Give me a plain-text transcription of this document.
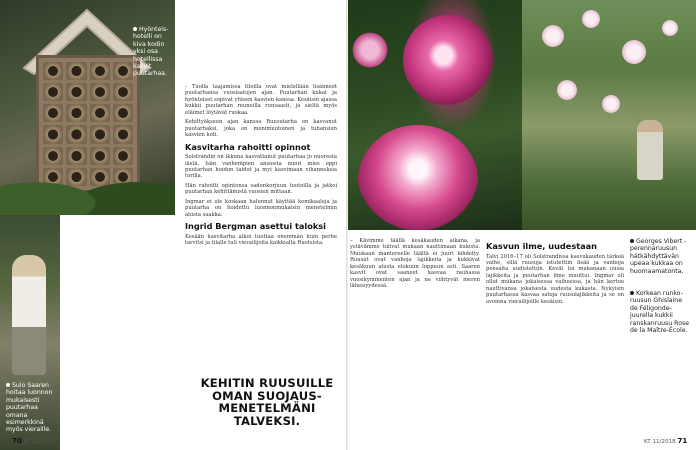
Hyönteishotelli on kiva kodin yksi osa hotellissa kasvit puutarhaa.
Sulo Saaren hoitaa luonnon mukaisesti puutarhaa omana esimerkkinä myös vieraille.

– Tuolla taajamissa tiloilla ovat mielellään lisänneet puutarhansa vuosisatojen ajan. Puutarhan kukat ja hyönteiset sopivat yhteen kasvien kanssa. Kesäisin ajassa kukkii puutarhan reunoilla runsaasti, ja sieltä myös eläimet löytävät ruokaa.

Kehittyäkseen ajan kanssa Ruusutarha on kasvanut puutarhaksi, joka on monimuotoinen ja tuhansien kasvien koti.

Kasvitarha rahoitti opinnot

Solstrandin on ikkuna kasvattanut puutarhaa jo nuoresta iästä. Isän vanhempien ansiosta nuori mies oppi puutarhan hoidon taidot ja myi kasvimaan vihanneksia torilla.

Hän rahoitti opintonsa sadonkorjuun tuotoilla ja jatkoi puutarhan kehittämistä vuosien mittaan.

Ingmar ei ole koskaan halunnut käyttää kemikaaleja ja puutarha on hoidettu luonnonmukaisin menetelmin alusta saakka.

Ingrid Bergman asettui taloksi

Kesään kasvitarha alkoi tuottaa enemmän kuin perhe tarvitsi ja tilalle tuli vierailijoita kaikkialta Ruotsista.

KEHITIN RUUSUILLE OMAN SUOJAUS-MENETELMÄNI TALVEKSI.
70 KT 11/2018

– Kävimme täällä kesäkauden aikana, ja ystävämme tulivat mukaan nauttimaan kukista. Muukaan mantereelle täältä ei juuri lähdetty. Ruusut ovat vanhoja lajikkeita ja kukkivat kesäkuun alusta elokuun loppuun asti. Saaren kasvit ovat saaneet kasvaa rauhassa vuosikymmenten ajan ja ne viihtyvät meren läheisyydessä.

Kasvun ilme, uudestaan

Talvi 2016–17 oli Solstrandissa kasvukauden tärkeä vaihe, sillä ruusuja istutettiin lisää ja vanhoja pensaita uudistettiin. Kevät toi mukanaan uusia lajikkeita ja puutarhan ilme muuttui. Ingmar oli ollut mukana jokaisessa vaiheessa, ja hän kertoo nauttivansa jokaisesta uudesta kukasta. Nykyisin puutarhassa kasvaa satoja ruusulajikkeita ja se on avoinna vierailijoille kesäisin.

Georges Vibert -perennaruusun hätkähdyttävän upeaa kukkaa on huomaamatonta.
Korkean runko-ruusun Ghislaine de Féligonde-juurella kukkii ranskanruusu Rose de la Maître-École.
KT 11/2018 71
